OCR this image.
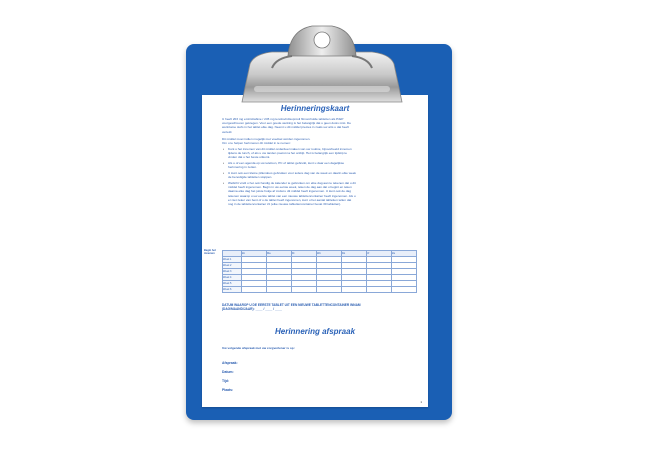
Herinneringskaart
U heeft 203 mg emtricitabine / 245 mg tenofovirdisoproxil filmomhulde tabletten als PrEP
voorgeschreven gekregen. Voor een goede werking is het belangrijk dat u geen dosis mist. De
werkzame stofs in het tablet elke dag. Neemt u dit middel precies in zoals uw arts u dat heeft
verteld.
Dit middel moet indien mogelijk met voedsel worden ingenomen.
Om u te helpen herinneren dit middel in te nemen:
• Kunt u het innemen van dit middel onderdeel maken van uw routine, bijvoorbeeld innemen
tijdens de lunch, of als u uw tanden poetst na het ontbijt. Het is belangrijk een tijdstip te
vinden dat u het beste uitkomt.
• Als u of een agenda op uw telefoon, PC of tablet gebruikt, kunt u daar een dagelijkse
herinnering in zetten.
• U kunt ook een kleine pillendoos gebruiken voor iedere dag van de week en daarin elke week
de benodigde tabletten stoppen.
• Wellicht vindt u het ook handig de kalender te gebruiken om elke dag aan te tekenen dat u dit
middel heeft ingenomen. Begin in uw eerste week, teken de dag aan dat u begint en teken
daarna elke dag het juiste hokje af zodat u dit middel heeft ingenomen. U kunt ook de dag
tekenen waarop u uw eerste tablet van een nieuwe tablettencontainer heeft ingenomen. Als u
er niet zeker van bent of u de tablet heeft ingenomen, kunt u het aantal tabletten tellen dat
nog in de tablettencontainer zit (elke nieuwe tablettencontainer bevat 30 tabletten).
Begin het
innemen
		Zo	Ma	Di	Wo	Do	Vr	Za
Week 1							
Week 2							
Week 3							
Week 4							
Week 5							
Week 6							
DATUM WAAROP U DE EERSTE TABLET UIT EEN NIEUWE TABLETTENCONTAINER INNAM
(DAG/MAAND/JAAR): ____ / ____ / ____
Herinnering afspraak
Uw volgende afspraak met uw zorgverlener is op:
Afspraak:
Datum:
Tijd:
Plaats:
1
